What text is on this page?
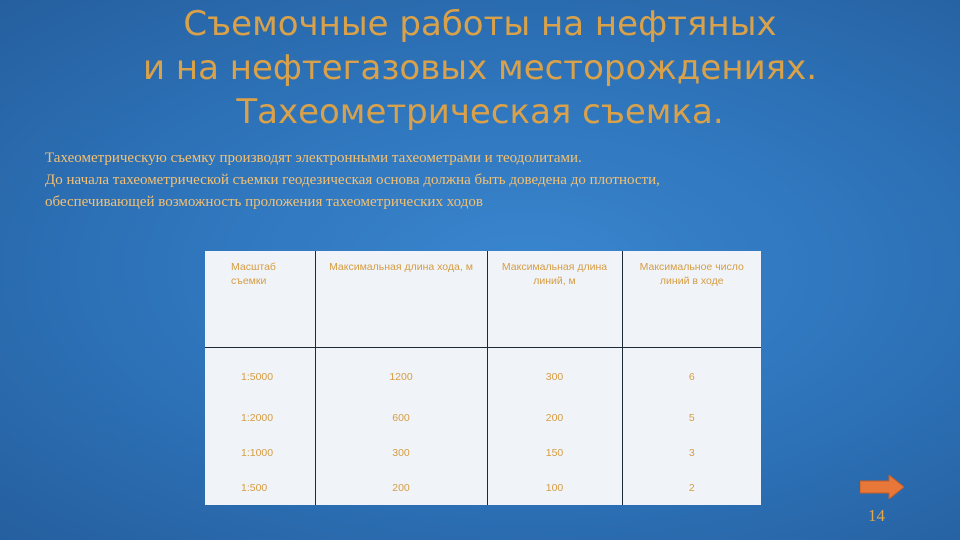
Съемочные работы на нефтяных
и на нефтегазовых месторождениях.
Тахеометрическая съемка.
Тахеометрическую съемку производят электронными тахеометрами и теодолитами.
До начала тахеометрической съемки геодезическая основа должна быть доведена до плотности,
обеспечивающей возможность проложения тахеометрических ходов
Масштаб съемки	Максимальная длина хода, м	Максимальная длина линий, м	Максимальное число линий в ходе
1:5000	1200	300	6
1:2000	600	200	5
1:1000	300	150	3
1:500	200	100	2
14
